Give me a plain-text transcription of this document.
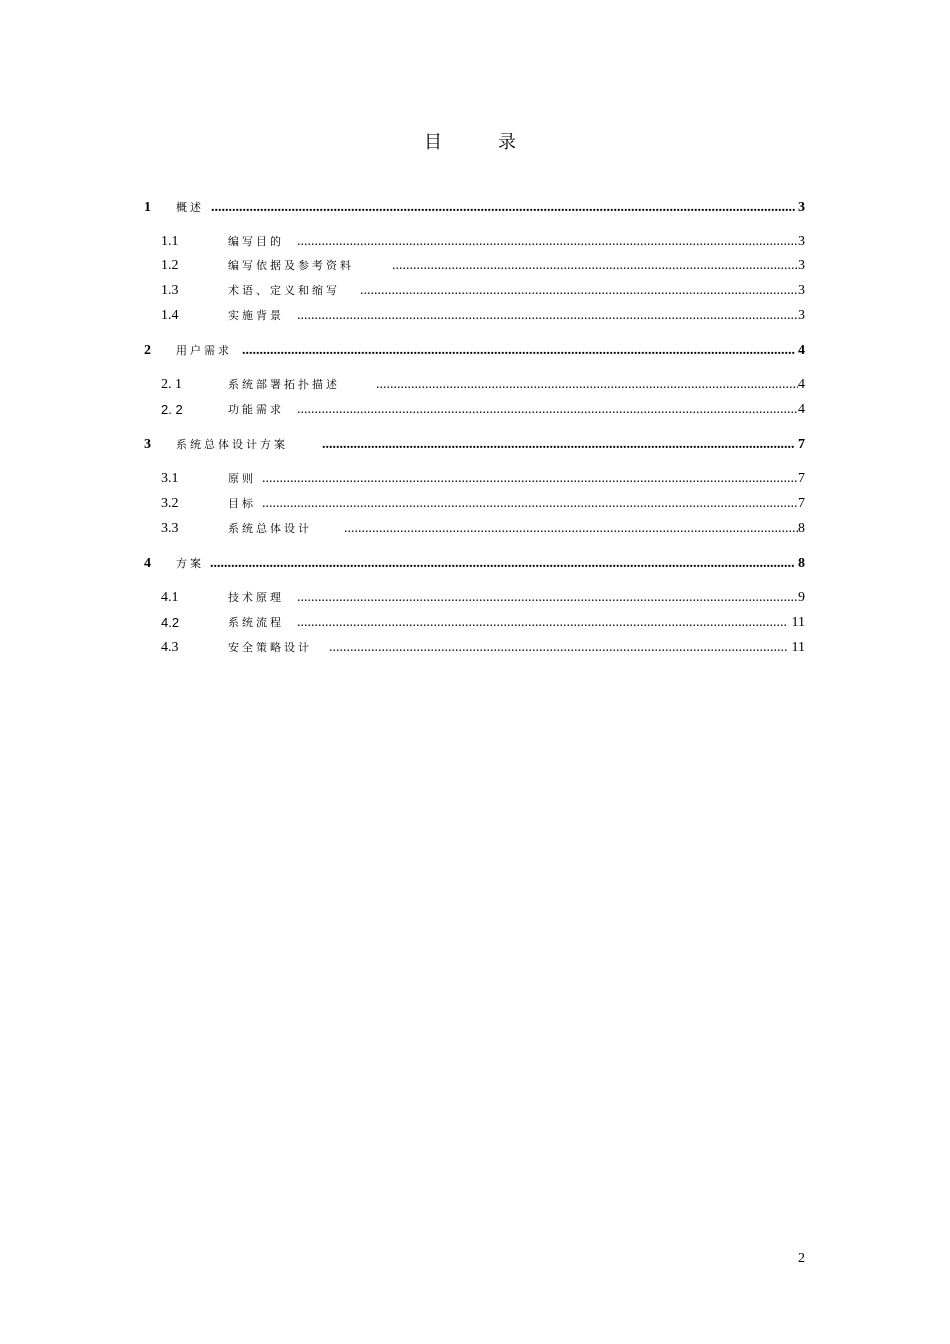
目	录
1 概述 .....	3
1.1	编写目的 .....	3
1.2	编写依据及参考资料 .....	3
1.3	术语、定义和缩写 .....	3
1.4	实施背景 .....	3
2 用户需求 .....	4
2. 1	系统部署拓扑描述 .....	4
2. 2	功能需求 .....	4
3 系统总体设计方案 .....	7
3.1	原则 .....	7
3.2	目标 .....	7
3.3	系统总体设计 .....	8
4 方案 .....	8
4.1	技术原理 .....	9
4.2	系统流程 .....	11
4.3	安全策略设计 .....	11
2
